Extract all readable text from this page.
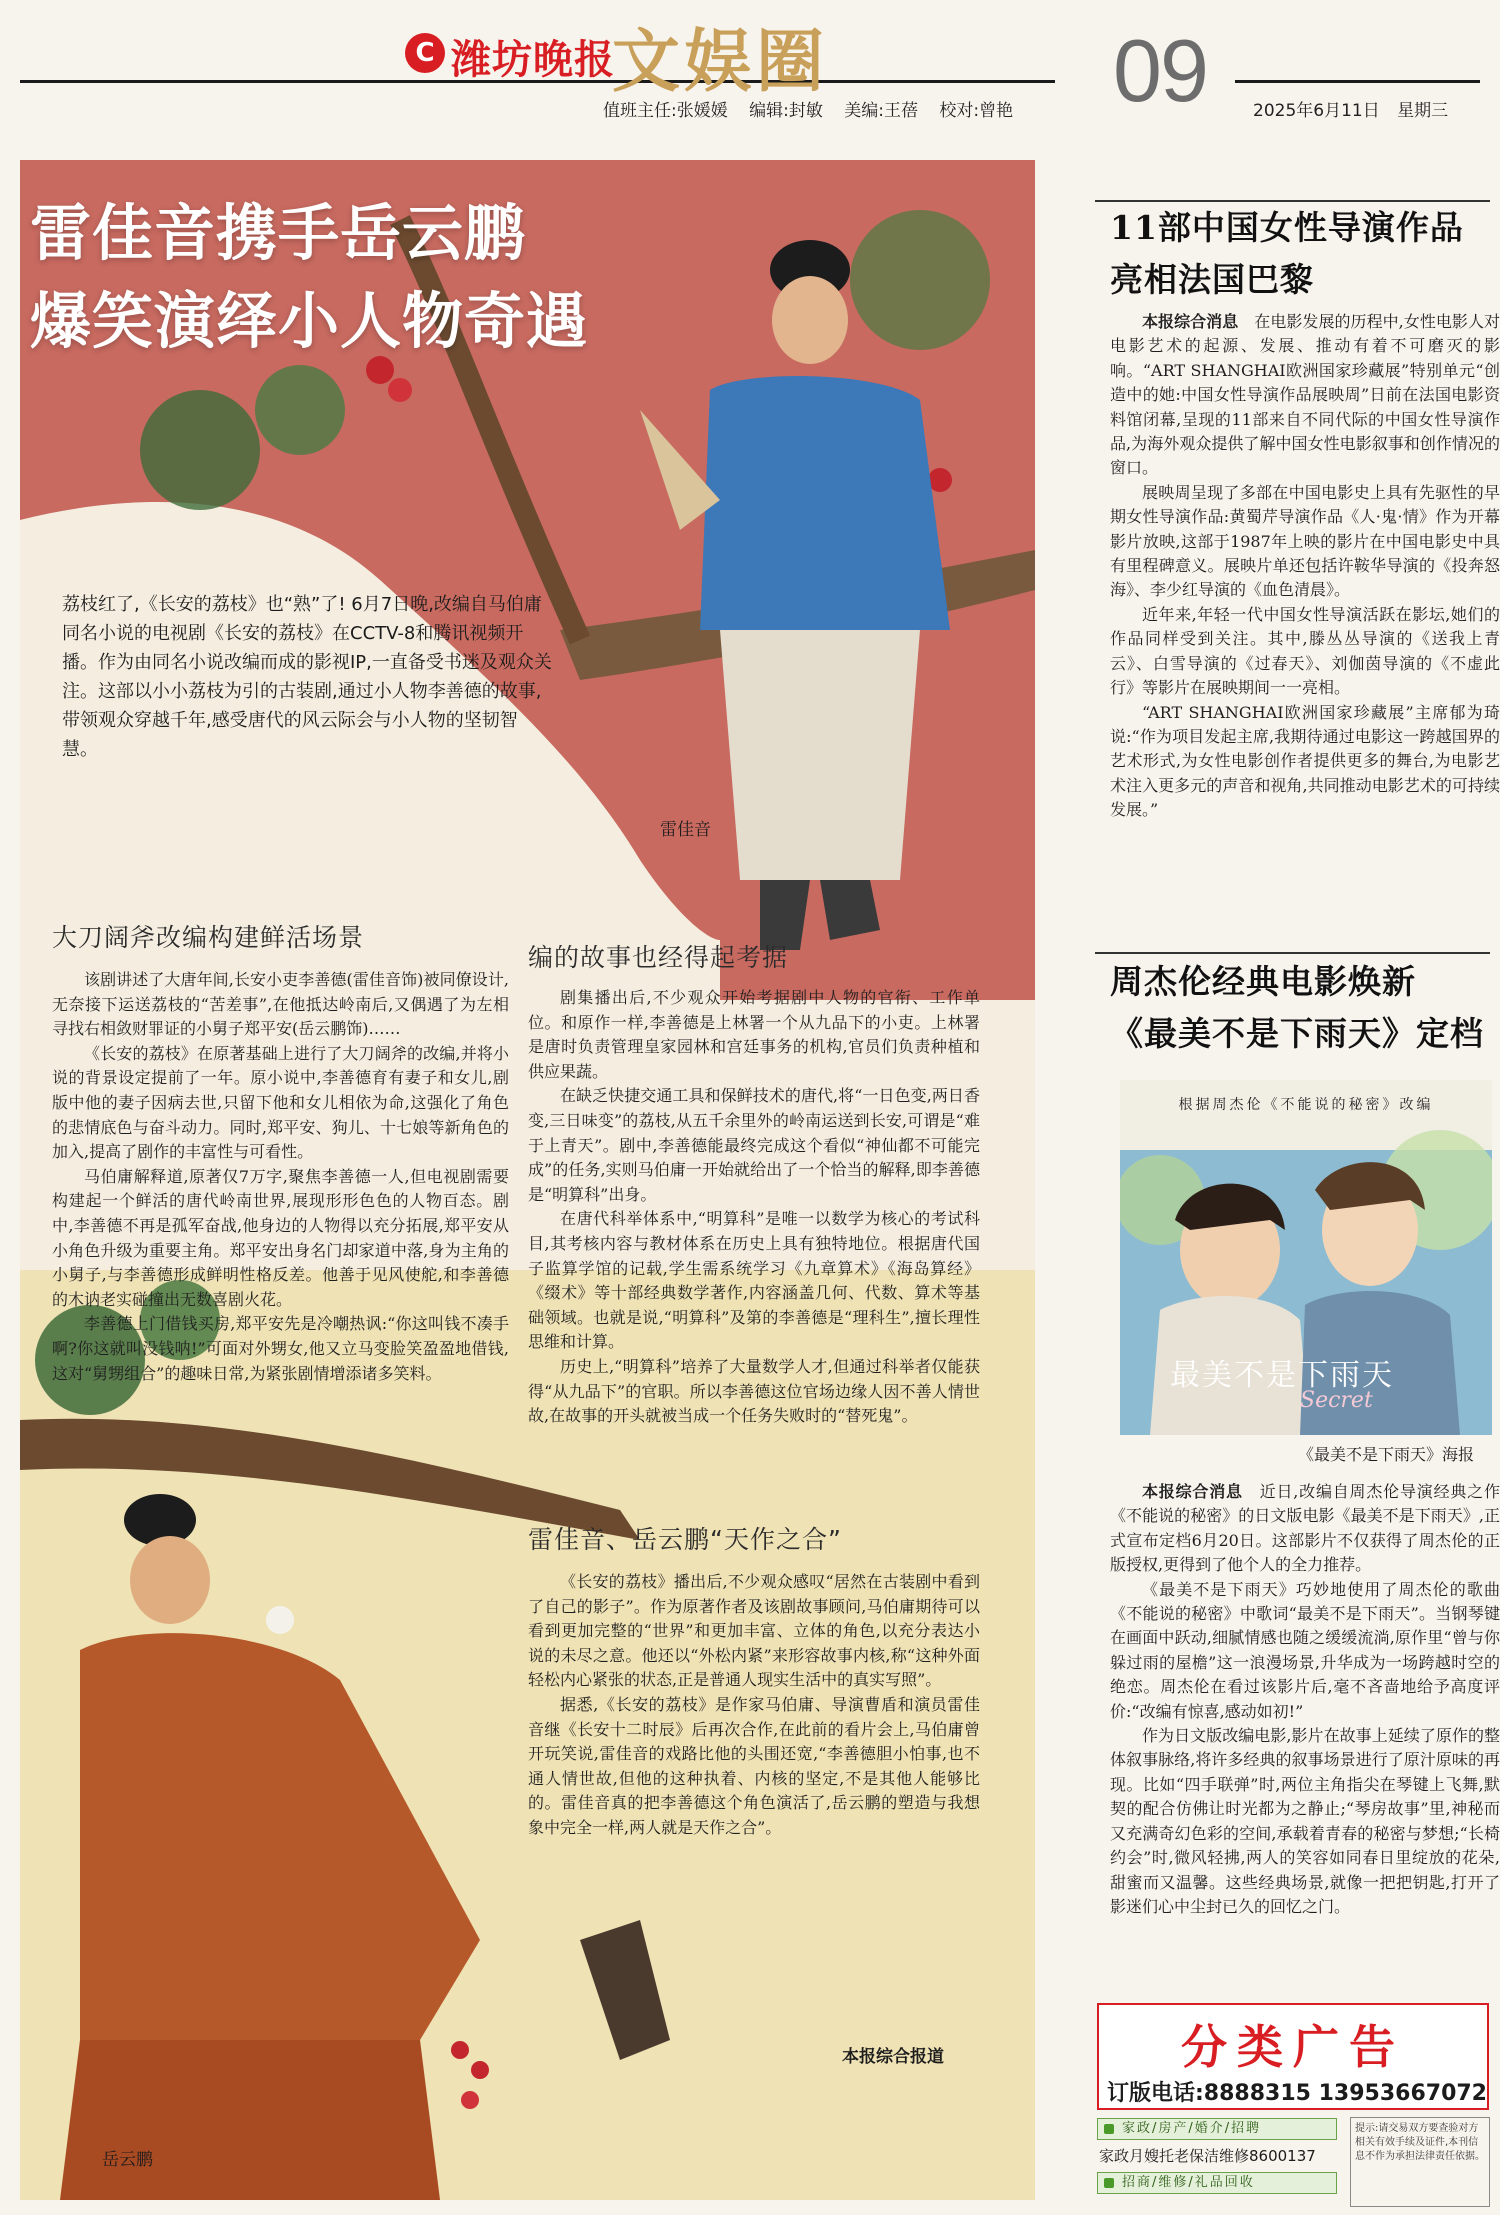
C 潍坊晚报
文娱圈	09
值班主任:张媛媛 编辑:封敏 美编:王蓓 校对:曾艳	2025年6月11日 星期三
雷佳音携手岳云鹏
爆笑演绎小人物奇遇
荔枝红了,《长安的荔枝》也“熟”了! 6月7日晚,改编自马伯庸同名小说的电视剧《长安的荔枝》在CCTV-8和腾讯视频开播。作为由同名小说改编而成的影视IP,一直备受书迷及观众关注。这部以小小荔枝为引的古装剧,通过小人物李善德的故事,带领观众穿越千年,感受唐代的风云际会与小人物的坚韧智慧。
雷佳音
岳云鹏
大刀阔斧改编构建鲜活场景

该剧讲述了大唐年间,长安小吏李善德(雷佳音饰)被同僚设计,无奈接下运送荔枝的“苦差事”,在他抵达岭南后,又偶遇了为左相寻找右相敛财罪证的小舅子郑平安(岳云鹏饰)……

《长安的荔枝》在原著基础上进行了大刀阔斧的改编,并将小说的背景设定提前了一年。原小说中,李善德育有妻子和女儿,剧版中他的妻子因病去世,只留下他和女儿相依为命,这强化了角色的悲情底色与奋斗动力。同时,郑平安、狗儿、十七娘等新角色的加入,提高了剧作的丰富性与可看性。

马伯庸解释道,原著仅7万字,聚焦李善德一人,但电视剧需要构建起一个鲜活的唐代岭南世界,展现形形色色的人物百态。剧中,李善德不再是孤军奋战,他身边的人物得以充分拓展,郑平安从小角色升级为重要主角。郑平安出身名门却家道中落,身为主角的小舅子,与李善德形成鲜明性格反差。他善于见风使舵,和李善德的木讷老实碰撞出无数喜剧火花。

李善德上门借钱买房,郑平安先是冷嘲热讽:“你这叫钱不凑手啊?你这就叫没钱呐!”可面对外甥女,他又立马变脸笑盈盈地借钱,这对“舅甥组合”的趣味日常,为紧张剧情增添诸多笑料。

编的故事也经得起考据

剧集播出后,不少观众开始考据剧中人物的官衔、工作单位。和原作一样,李善德是上林署一个从九品下的小吏。上林署是唐时负责管理皇家园林和宫廷事务的机构,官员们负责种植和供应果蔬。

在缺乏快捷交通工具和保鲜技术的唐代,将“一日色变,两日香变,三日味变”的荔枝,从五千余里外的岭南运送到长安,可谓是“难于上青天”。剧中,李善德能最终完成这个看似“神仙都不可能完成”的任务,实则马伯庸一开始就给出了一个恰当的解释,即李善德是“明算科”出身。

在唐代科举体系中,“明算科”是唯一以数学为核心的考试科目,其考核内容与教材体系在历史上具有独特地位。根据唐代国子监算学馆的记载,学生需系统学习《九章算术》《海岛算经》《缀术》等十部经典数学著作,内容涵盖几何、代数、算术等基础领域。也就是说,“明算科”及第的李善德是“理科生”,擅长理性思维和计算。

历史上,“明算科”培养了大量数学人才,但通过科举者仅能获得“从九品下”的官职。所以李善德这位官场边缘人因不善人情世故,在故事的开头就被当成一个任务失败时的“替死鬼”。

雷佳音、岳云鹏“天作之合”

《长安的荔枝》播出后,不少观众感叹“居然在古装剧中看到了自己的影子”。作为原著作者及该剧故事顾问,马伯庸期待可以看到更加完整的“世界”和更加丰富、立体的角色,以充分表达小说的未尽之意。他还以“外松内紧”来形容故事内核,称“这种外面轻松内心紧张的状态,正是普通人现实生活中的真实写照”。

据悉,《长安的荔枝》是作家马伯庸、导演曹盾和演员雷佳音继《长安十二时辰》后再次合作,在此前的看片会上,马伯庸曾开玩笑说,雷佳音的戏路比他的头围还宽,“李善德胆小怕事,也不通人情世故,但他的这种执着、内核的坚定,不是其他人能够比的。雷佳音真的把李善德这个角色演活了,岳云鹏的塑造与我想象中完全一样,两人就是天作之合”。

本报综合报道
11部中国女性导演作品
亮相法国巴黎

本报综合消息　 在电影发展的历程中,女性电影人对电影艺术的起源、发展、推动有着不可磨灭的影响。“ART SHANGHAI欧洲国家珍藏展”特别单元“创造中的她:中国女性导演作品展映周”日前在法国电影资料馆闭幕,呈现的11部来自不同代际的中国女性导演作品,为海外观众提供了解中国女性电影叙事和创作情况的窗口。

展映周呈现了多部在中国电影史上具有先驱性的早期女性导演作品:黄蜀芹导演作品《人·鬼·情》作为开幕影片放映,这部于1987年上映的影片在中国电影史中具有里程碑意义。展映片单还包括许鞍华导演的《投奔怒海》、李少红导演的《血色清晨》。

近年来,年轻一代中国女性导演活跃在影坛,她们的作品同样受到关注。其中,滕丛丛导演的《送我上青云》、白雪导演的《过春天》、刘伽茵导演的《不虚此行》等影片在展映期间一一亮相。

“ART SHANGHAI欧洲国家珍藏展”主席郁为琦说:“作为项目发起主席,我期待通过电影这一跨越国界的艺术形式,为女性电影创作者提供更多的舞台,为电影艺术注入更多元的声音和视角,共同推动电影艺术的可持续发展。”

周杰伦经典电影焕新
《最美不是下雨天》定档
根据周杰伦《不能说的秘密》改编
最美不是下雨天
Secret
《最美不是下雨天》海报

本报综合消息　 近日,改编自周杰伦导演经典之作《不能说的秘密》的日文版电影《最美不是下雨天》,正式宣布定档6月20日。这部影片不仅获得了周杰伦的正版授权,更得到了他个人的全力推荐。

《最美不是下雨天》巧妙地使用了周杰伦的歌曲《不能说的秘密》中歌词“最美不是下雨天”。当钢琴键在画面中跃动,细腻情感也随之缓缓流淌,原作里“曾与你躲过雨的屋檐”这一浪漫场景,升华成为一场跨越时空的绝恋。周杰伦在看过该影片后,毫不吝啬地给予高度评价:“改编有惊喜,感动如初!”

作为日文版改编电影,影片在故事上延续了原作的整体叙事脉络,将许多经典的叙事场景进行了原汁原味的再现。比如“四手联弹”时,两位主角指尖在琴键上飞舞,默契的配合仿佛让时光都为之静止;“琴房故事”里,神秘而又充满奇幻色彩的空间,承载着青春的秘密与梦想;“长椅约会”时,微风轻拂,两人的笑容如同春日里绽放的花朵,甜蜜而又温馨。这些经典场景,就像一把把钥匙,打开了影迷们心中尘封已久的回忆之门。

分类广告
订版电话:8888315 13953667072
家政/房产/婚介/招聘
家政月嫂托老保洁维修8600137
招商/维修/礼品回收
提示:请交易双方要查验对方相关有效手续及证件,本刊信息不作为承担法律责任依据。
